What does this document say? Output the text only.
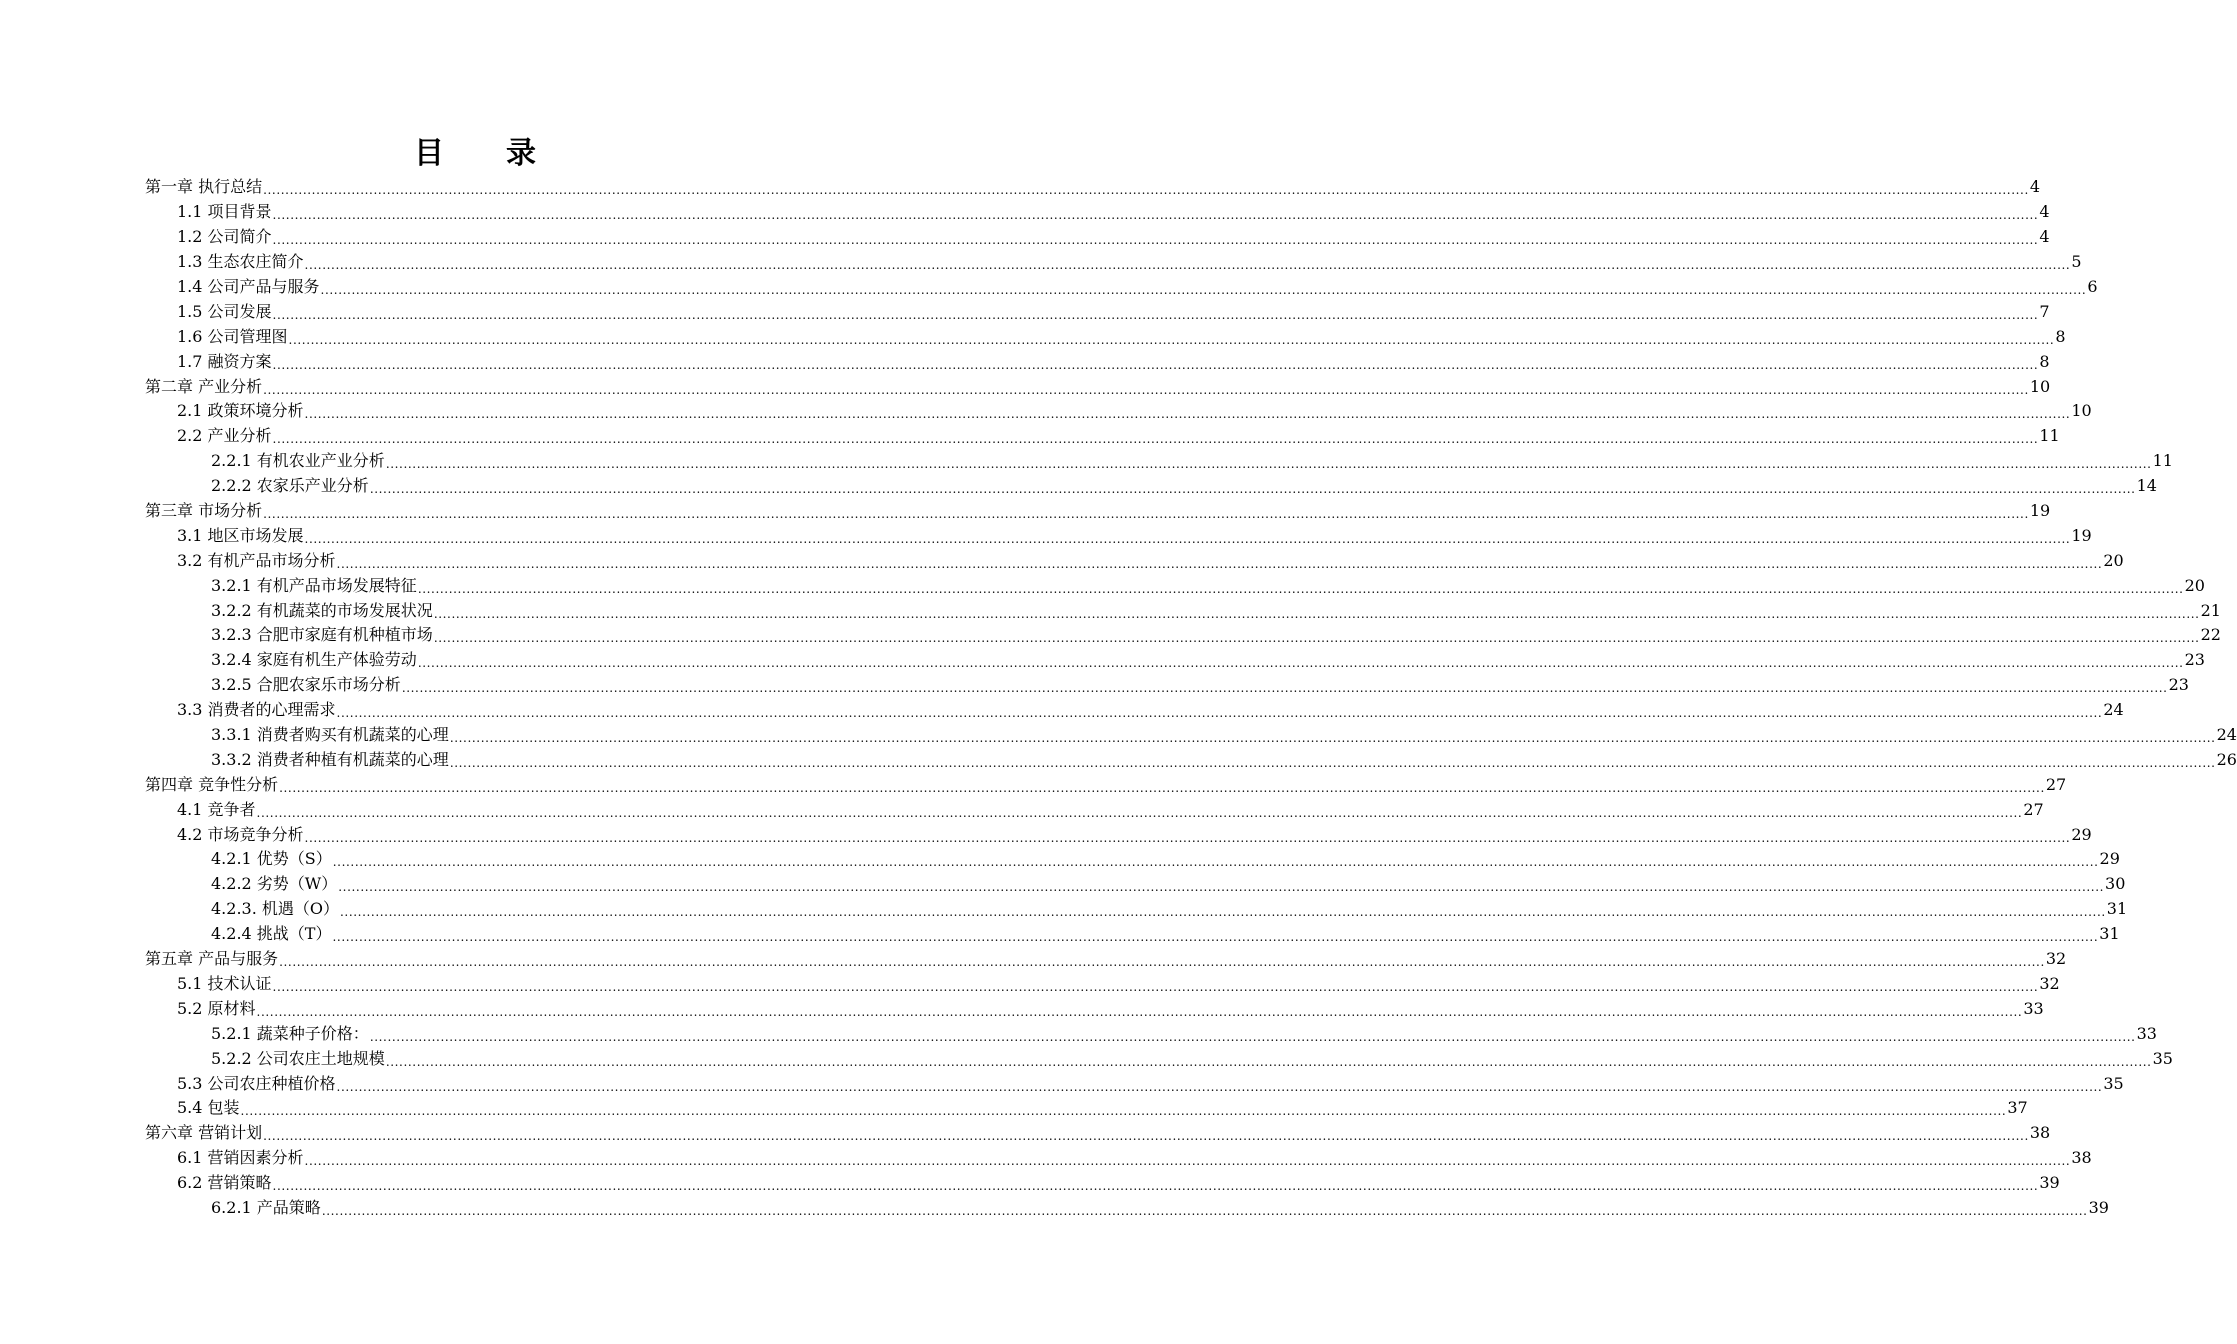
目 录
第一章 执行总结 ................................................................................................................................................................................................................................................................................................................................................................................................................ 4
1.1 项目背景 ................................................................................................................................................................................................................................................................................................................................................................................................................ 4
1.2 公司简介 ................................................................................................................................................................................................................................................................................................................................................................................................................ 4
1.3 生态农庄简介 ................................................................................................................................................................................................................................................................................................................................................................................................................ 5
1.4 公司产品与服务 ................................................................................................................................................................................................................................................................................................................................................................................................................ 6
1.5 公司发展 ................................................................................................................................................................................................................................................................................................................................................................................................................ 7
1.6 公司管理图 ................................................................................................................................................................................................................................................................................................................................................................................................................ 8
1.7 融资方案 ................................................................................................................................................................................................................................................................................................................................................................................................................ 8
第二章 产业分析 ................................................................................................................................................................................................................................................................................................................................................................................................................ 10
2.1 政策环境分析 ................................................................................................................................................................................................................................................................................................................................................................................................................ 10
2.2 产业分析 ................................................................................................................................................................................................................................................................................................................................................................................................................ 11
2.2.1 有机农业产业分析 ................................................................................................................................................................................................................................................................................................................................................................................................................ 11
2.2.2 农家乐产业分析 ................................................................................................................................................................................................................................................................................................................................................................................................................ 14
第三章 市场分析 ................................................................................................................................................................................................................................................................................................................................................................................................................ 19
3.1 地区市场发展 ................................................................................................................................................................................................................................................................................................................................................................................................................ 19
3.2 有机产品市场分析 ................................................................................................................................................................................................................................................................................................................................................................................................................ 20
3.2.1 有机产品市场发展特征 ................................................................................................................................................................................................................................................................................................................................................................................................................ 20
3.2.2 有机蔬菜的市场发展状况 ................................................................................................................................................................................................................................................................................................................................................................................................................ 21
3.2.3 合肥市家庭有机种植市场 ................................................................................................................................................................................................................................................................................................................................................................................................................ 22
3.2.4 家庭有机生产体验劳动 ................................................................................................................................................................................................................................................................................................................................................................................................................ 23
3.2.5 合肥农家乐市场分析 ................................................................................................................................................................................................................................................................................................................................................................................................................ 23
3.3 消费者的心理需求 ................................................................................................................................................................................................................................................................................................................................................................................................................ 24
3.3.1 消费者购买有机蔬菜的心理 ................................................................................................................................................................................................................................................................................................................................................................................................................ 24
3.3.2 消费者种植有机蔬菜的心理 ................................................................................................................................................................................................................................................................................................................................................................................................................ 26
第四章 竞争性分析 ................................................................................................................................................................................................................................................................................................................................................................................................................ 27
4.1 竞争者 ................................................................................................................................................................................................................................................................................................................................................................................................................ 27
4.2 市场竞争分析 ................................................................................................................................................................................................................................................................................................................................................................................................................ 29
4.2.1 优势（S） ................................................................................................................................................................................................................................................................................................................................................................................................................ 29
4.2.2 劣势（W） ................................................................................................................................................................................................................................................................................................................................................................................................................ 30
4.2.3. 机遇（O） ................................................................................................................................................................................................................................................................................................................................................................................................................ 31
4.2.4 挑战（T） ................................................................................................................................................................................................................................................................................................................................................................................................................ 31
第五章 产品与服务 ................................................................................................................................................................................................................................................................................................................................................................................................................ 32
5.1 技术认证 ................................................................................................................................................................................................................................................................................................................................................................................................................ 32
5.2 原材料 ................................................................................................................................................................................................................................................................................................................................................................................................................ 33
5.2.1 蔬菜种子价格： ................................................................................................................................................................................................................................................................................................................................................................................................................ 33
5.2.2 公司农庄土地规模 ................................................................................................................................................................................................................................................................................................................................................................................................................ 35
5.3 公司农庄种植价格 ................................................................................................................................................................................................................................................................................................................................................................................................................ 35
5.4 包装 ................................................................................................................................................................................................................................................................................................................................................................................................................ 37
第六章 营销计划 ................................................................................................................................................................................................................................................................................................................................................................................................................ 38
6.1 营销因素分析 ................................................................................................................................................................................................................................................................................................................................................................................................................ 38
6.2 营销策略 ................................................................................................................................................................................................................................................................................................................................................................................................................ 39
6.2.1 产品策略 ................................................................................................................................................................................................................................................................................................................................................................................................................ 39
